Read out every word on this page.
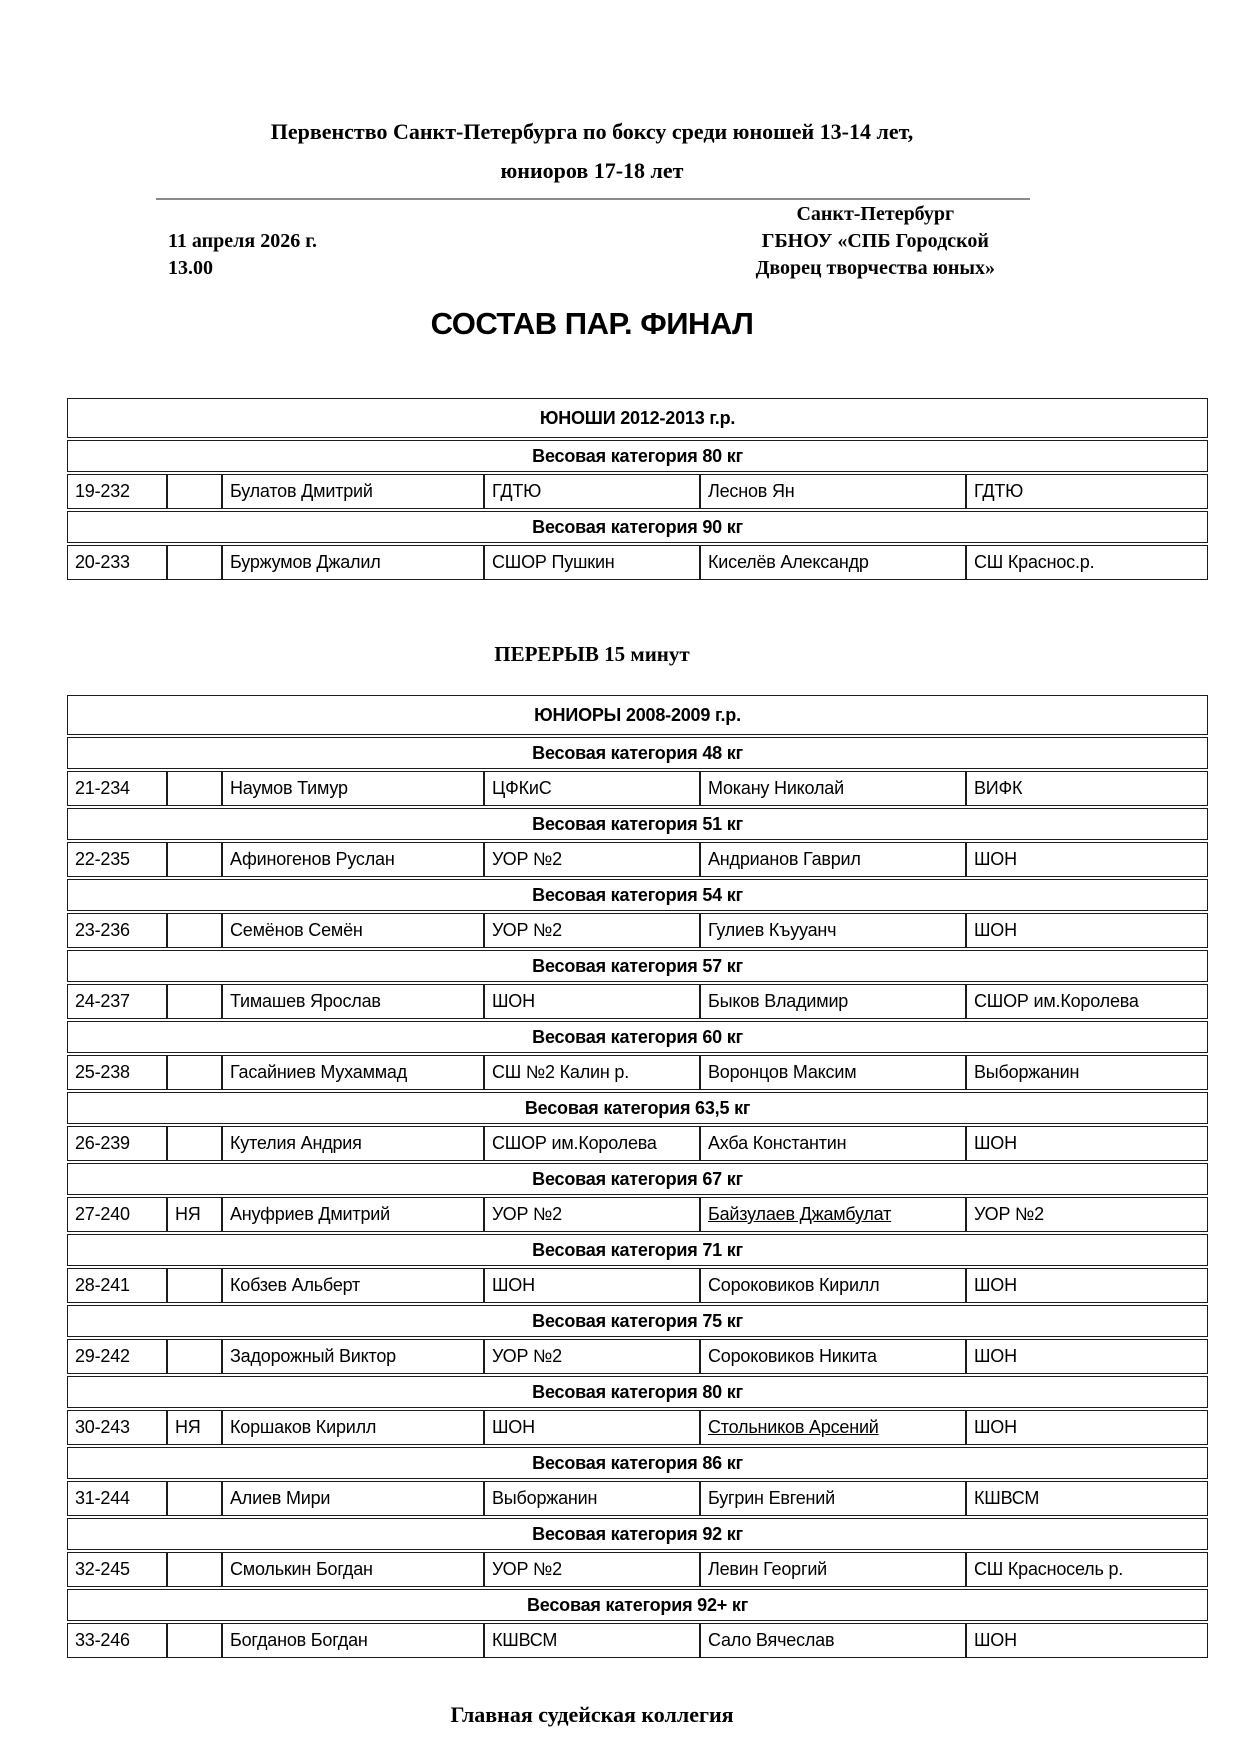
Первенство Санкт-Петербурга по боксу среди юношей 13-14 лет,
юниоров 17-18 лет
11 апреля 2026 г.
13.00
Санкт-Петербург
ГБНОУ «СПБ Городской
Дворец творчества юных»
СОСТАВ ПАР. ФИНАЛ
ЮНОШИ 2012-2013 г.р.					
Весовая категория 80 кг					
19-232		Булатов Дмитрий	ГДТЮ	Леснов Ян	ГДТЮ
Весовая категория 90 кг					
20-233		Буржумов Джалил	СШОР Пушкин	Киселёв Александр	СШ Краснос.р.
ПЕРЕРЫВ 15 минут
ЮНИОРЫ 2008-2009 г.р.					
Весовая категория 48 кг					
21-234		Наумов Тимур	ЦФКиС	Мокану Николай	ВИФК
Весовая категория 51 кг					
22-235		Афиногенов Руслан	УОР №2	Андрианов Гаврил	ШОН
Весовая категория 54 кг					
23-236		Семёнов Семён	УОР №2	Гулиев Къууанч	ШОН
Весовая категория 57 кг					
24-237		Тимашев Ярослав	ШОН	Быков Владимир	СШОР им.Королева
Весовая категория 60 кг					
25-238		Гасайниев Мухаммад	СШ №2 Калин р.	Воронцов Максим	Выборжанин
Весовая категория 63,5 кг					
26-239		Кутелия Андрия	СШОР им.Королева	Ахба Константин	ШОН
Весовая категория 67 кг					
27-240	НЯ	Ануфриев Дмитрий	УОР №2	Байзулаев Джамбулат	УОР №2
Весовая категория 71 кг					
28-241		Кобзев Альберт	ШОН	Сороковиков Кирилл	ШОН
Весовая категория 75 кг					
29-242		Задорожный Виктор	УОР №2	Сороковиков Никита	ШОН
Весовая категория 80 кг					
30-243	НЯ	Коршаков Кирилл	ШОН	Стольников Арсений	ШОН
Весовая категория 86 кг					
31-244		Алиев Мири	Выборжанин	Бугрин Евгений	КШВСМ
Весовая категория 92 кг					
32-245		Смолькин Богдан	УОР №2	Левин Георгий	СШ Красносель р.
Весовая категория 92+ кг					
33-246		Богданов Богдан	КШВСМ	Сало Вячеслав	ШОН
Главная судейская коллегия
